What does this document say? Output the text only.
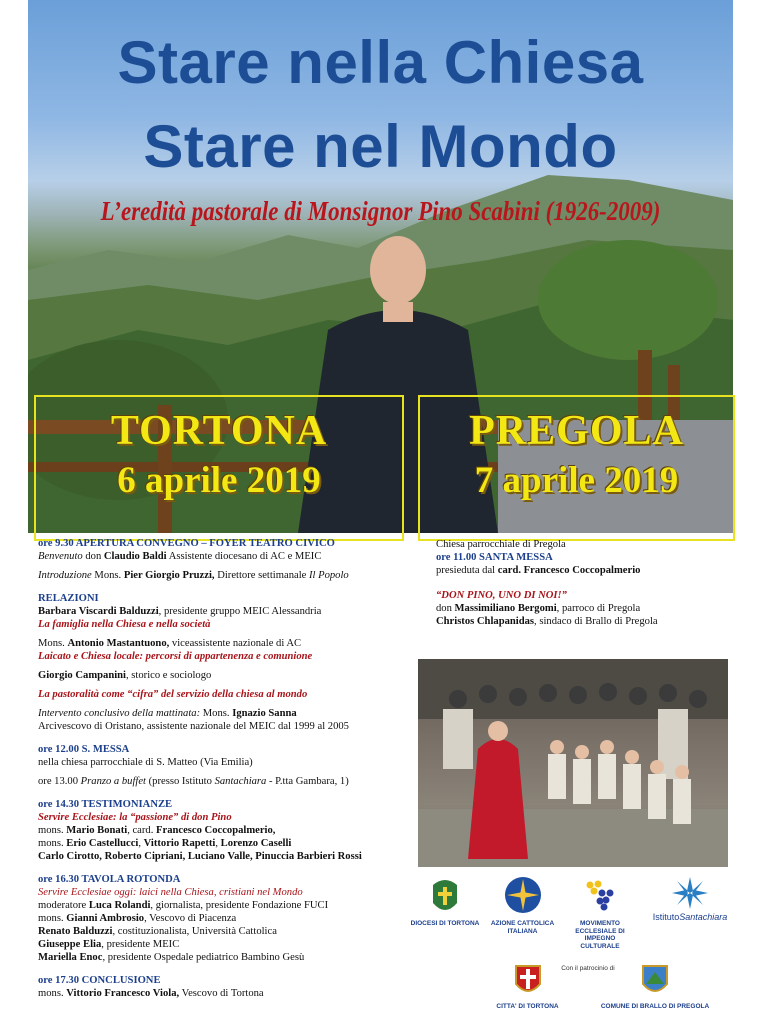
Stare nella Chiesa
Stare nel Mondo
L’eredità pastorale di Monsignor Pino Scabini (1926-2009)
TORTONA
6 aprile 2019
PREGOLA
7 aprile 2019

ore 9.30 APERTURA CONVEGNO – FOYER TEATRO CIVICO

Benvenuto don Claudio Baldi Assistente diocesano di AC e MEIC

Introduzione Mons. Pier Giorgio Pruzzi, Direttore settimanale Il Popolo

RELAZIONI

Barbara Viscardi Balduzzi, presidente gruppo MEIC Alessandria

La famiglia nella Chiesa e nella società

Mons. Antonio Mastantuono, viceassistente nazionale di AC

Laicato e Chiesa locale: percorsi di appartenenza e comunione

Giorgio Campanini, storico e sociologo

La pastoralità come “cifra” del servizio della chiesa al mondo

Intervento conclusivo della mattinata: Mons. Ignazio Sanna

Arcivescovo di Oristano, assistente nazionale del MEIC dal 1999 al 2005

ore 12.00 S. MESSA

nella chiesa parrocchiale di S. Matteo (Via Emilia)

ore 13.00 Pranzo a buffet (presso Istituto Santachiara - P.tta Gambara, 1)

ore 14.30 TESTIMONIANZE

Servire Ecclesiae: la “passione” di don Pino

mons. Mario Bonati, card. Francesco Coccopalmerio,

mons. Erio Castellucci, Vittorio Rapetti, Lorenzo Caselli

Carlo Cirotto, Roberto Cipriani, Luciano Valle, Pinuccia Barbieri Rossi

ore 16.30 TAVOLA ROTONDA

Servire Ecclesiae oggi: laici nella Chiesa, cristiani nel Mondo

moderatore Luca Rolandi, giornalista, presidente Fondazione FUCI

mons. Gianni Ambrosio, Vescovo di Piacenza

Renato Balduzzi, costituzionalista, Università Cattolica

Giuseppe Elia, presidente MEIC

Mariella Enoc, presidente Ospedale pediatrico Bambino Gesù

ore 17.30 CONCLUSIONE

mons. Vittorio Francesco Viola, Vescovo di Tortona

Chiesa parrocchiale di Pregola

ore 11.00 SANTA MESSA

presieduta dal card. Francesco Coccopalmerio

“DON PINO, UNO DI NOI!”

don Massimiliano Bergomi, parroco di Pregola

Christos Chlapanidas, sindaco di Brallo di Pregola

DIOCESI DI TORTONA	AZIONE CATTOLICA
ITALIANA
MOVIMENTO
ECCLESIALE DI
IMPEGNO CULTURALE
IstitutoSantachiara
CITTA' DI TORTONA
Con il patrocinio di
COMUNE DI BRALLO DI PREGOLA
